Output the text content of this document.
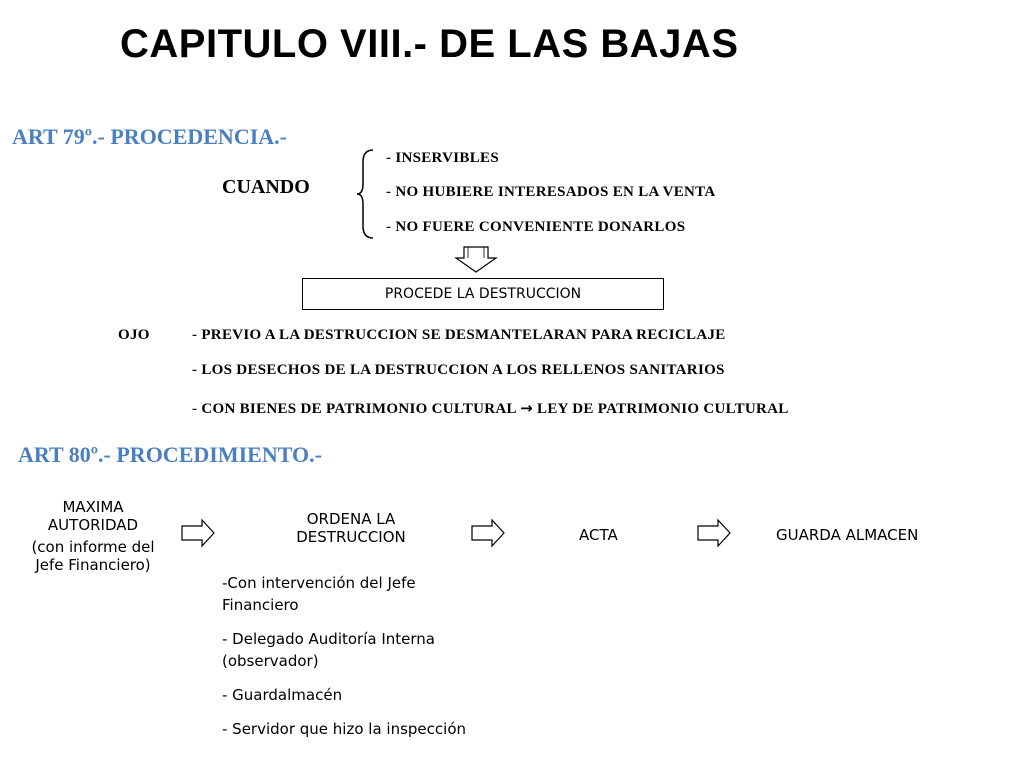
CAPITULO VIII.- DE LAS BAJAS
ART 79º.- PROCEDENCIA.-
CUANDO
- INSERVIBLES
- NO HUBIERE INTERESADOS EN LA VENTA
- NO FUERE CONVENIENTE DONARLOS
PROCEDE LA DESTRUCCION
OJO	- PREVIO A LA DESTRUCCION SE DESMANTELARAN PARA RECICLAJE
- LOS DESECHOS DE LA DESTRUCCION A LOS RELLENOS SANITARIOS
- CON BIENES DE PATRIMONIO CULTURAL → LEY DE PATRIMONIO CULTURAL
ART 80º.- PROCEDIMIENTO.-
MAXIMA
AUTORIDAD
(con informe del
Jefe Financiero)
ORDENA LA
DESTRUCCION
-Con intervención del Jefe
Financiero
- Delegado Auditoría Interna
(observador)
- Guardalmacén
- Servidor que hizo la inspección
ACTA	GUARDA ALMACEN
